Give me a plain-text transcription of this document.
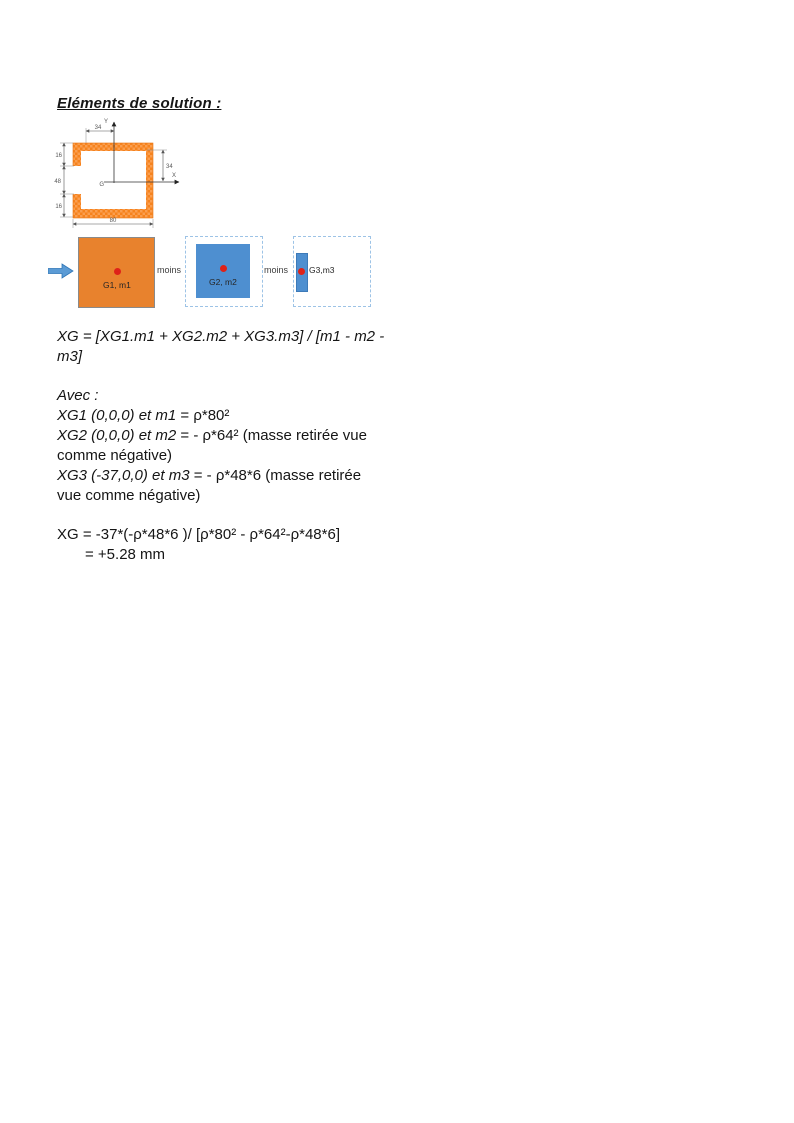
Eléments de solution :
Y
X
G
34
34
16
48
16
80
G1, m1
moins
G2, m2
moins G3,m3
XG = [XG1.m1 + XG2.m2 + XG3.m3] / [m1 - m2 -
m3]
Avec :
XG1 (0,0,0) et m1 = ρ*80²
XG2 (0,0,0) et m2 = - ρ*64² (masse retirée vue
comme négative)
XG3 (-37,0,0) et m3 = - ρ*48*6 (masse retirée
vue comme négative)
XG = -37*(-ρ*48*6 )/ [ρ*80² - ρ*64²-ρ*48*6]
= +5.28 mm
